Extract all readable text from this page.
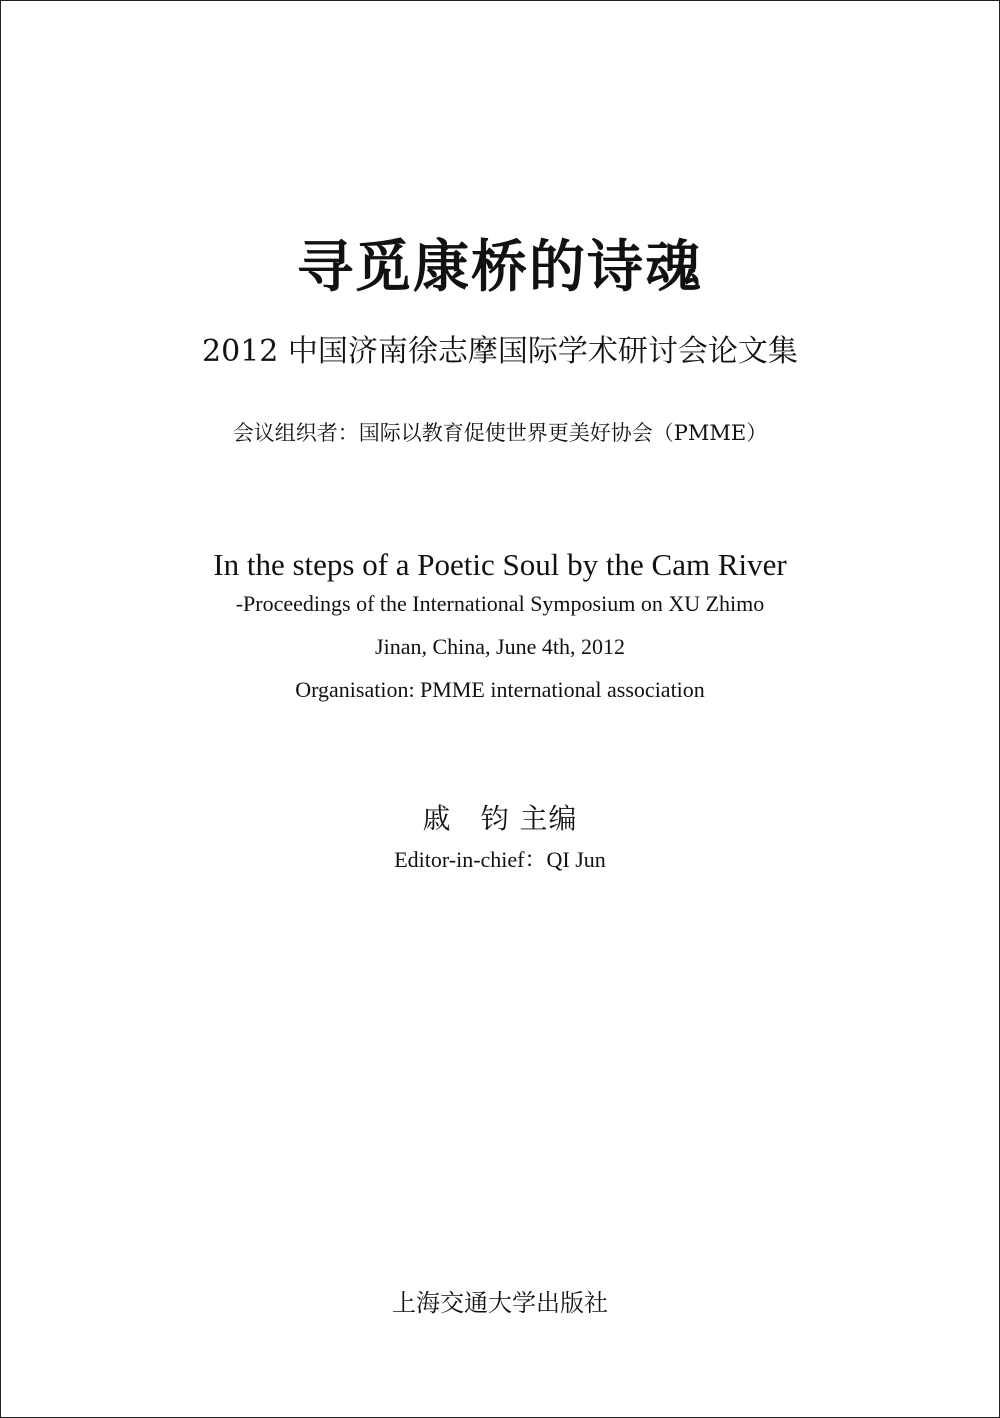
寻觅康桥的诗魂
2012 中国济南徐志摩国际学术研讨会论文集
会议组织者：国际以教育促使世界更美好协会（PMME）
In the steps of a Poetic Soul by the Cam River
-Proceedings of the International Symposium on XU Zhimo
Jinan, China, June 4th, 2012
Organisation: PMME international association
戚　钧 主编
Editor-in-chief：QI Jun
上海交通大学出版社
